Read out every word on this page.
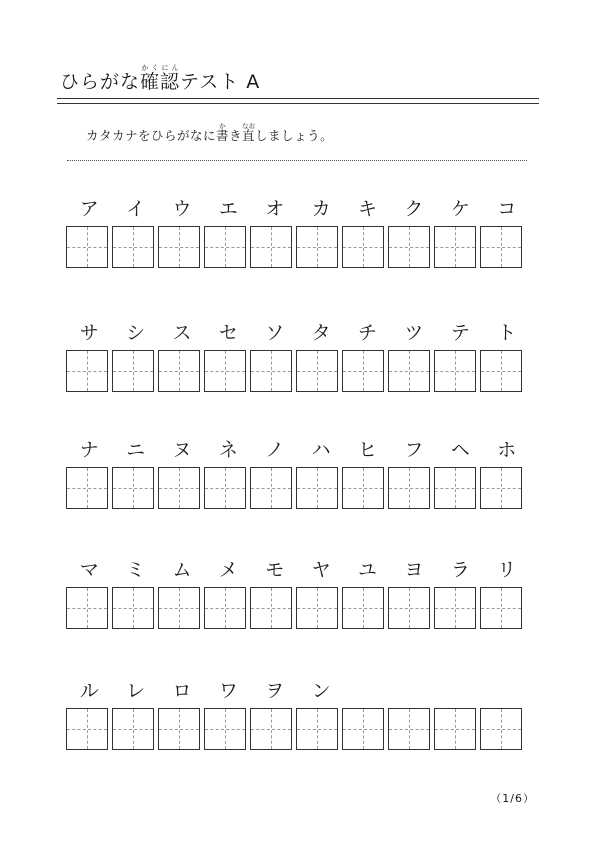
ひらがな確認かくにんテスト A
カタカナをひらがなに書かき直なおしましょう。
ア	イ	ウ	エ	オ	カ	キ	ク	ケ	コ
サ	シ	ス	セ	ソ	タ	チ	ツ	テ	ト
ナ	ニ	ヌ	ネ	ノ	ハ	ヒ	フ	ヘ	ホ
マ	ミ	ム	メ	モ	ヤ	ユ	ヨ	ラ	リ
ル	レ	ロ	ワ	ヲ	ン
（1/6）
